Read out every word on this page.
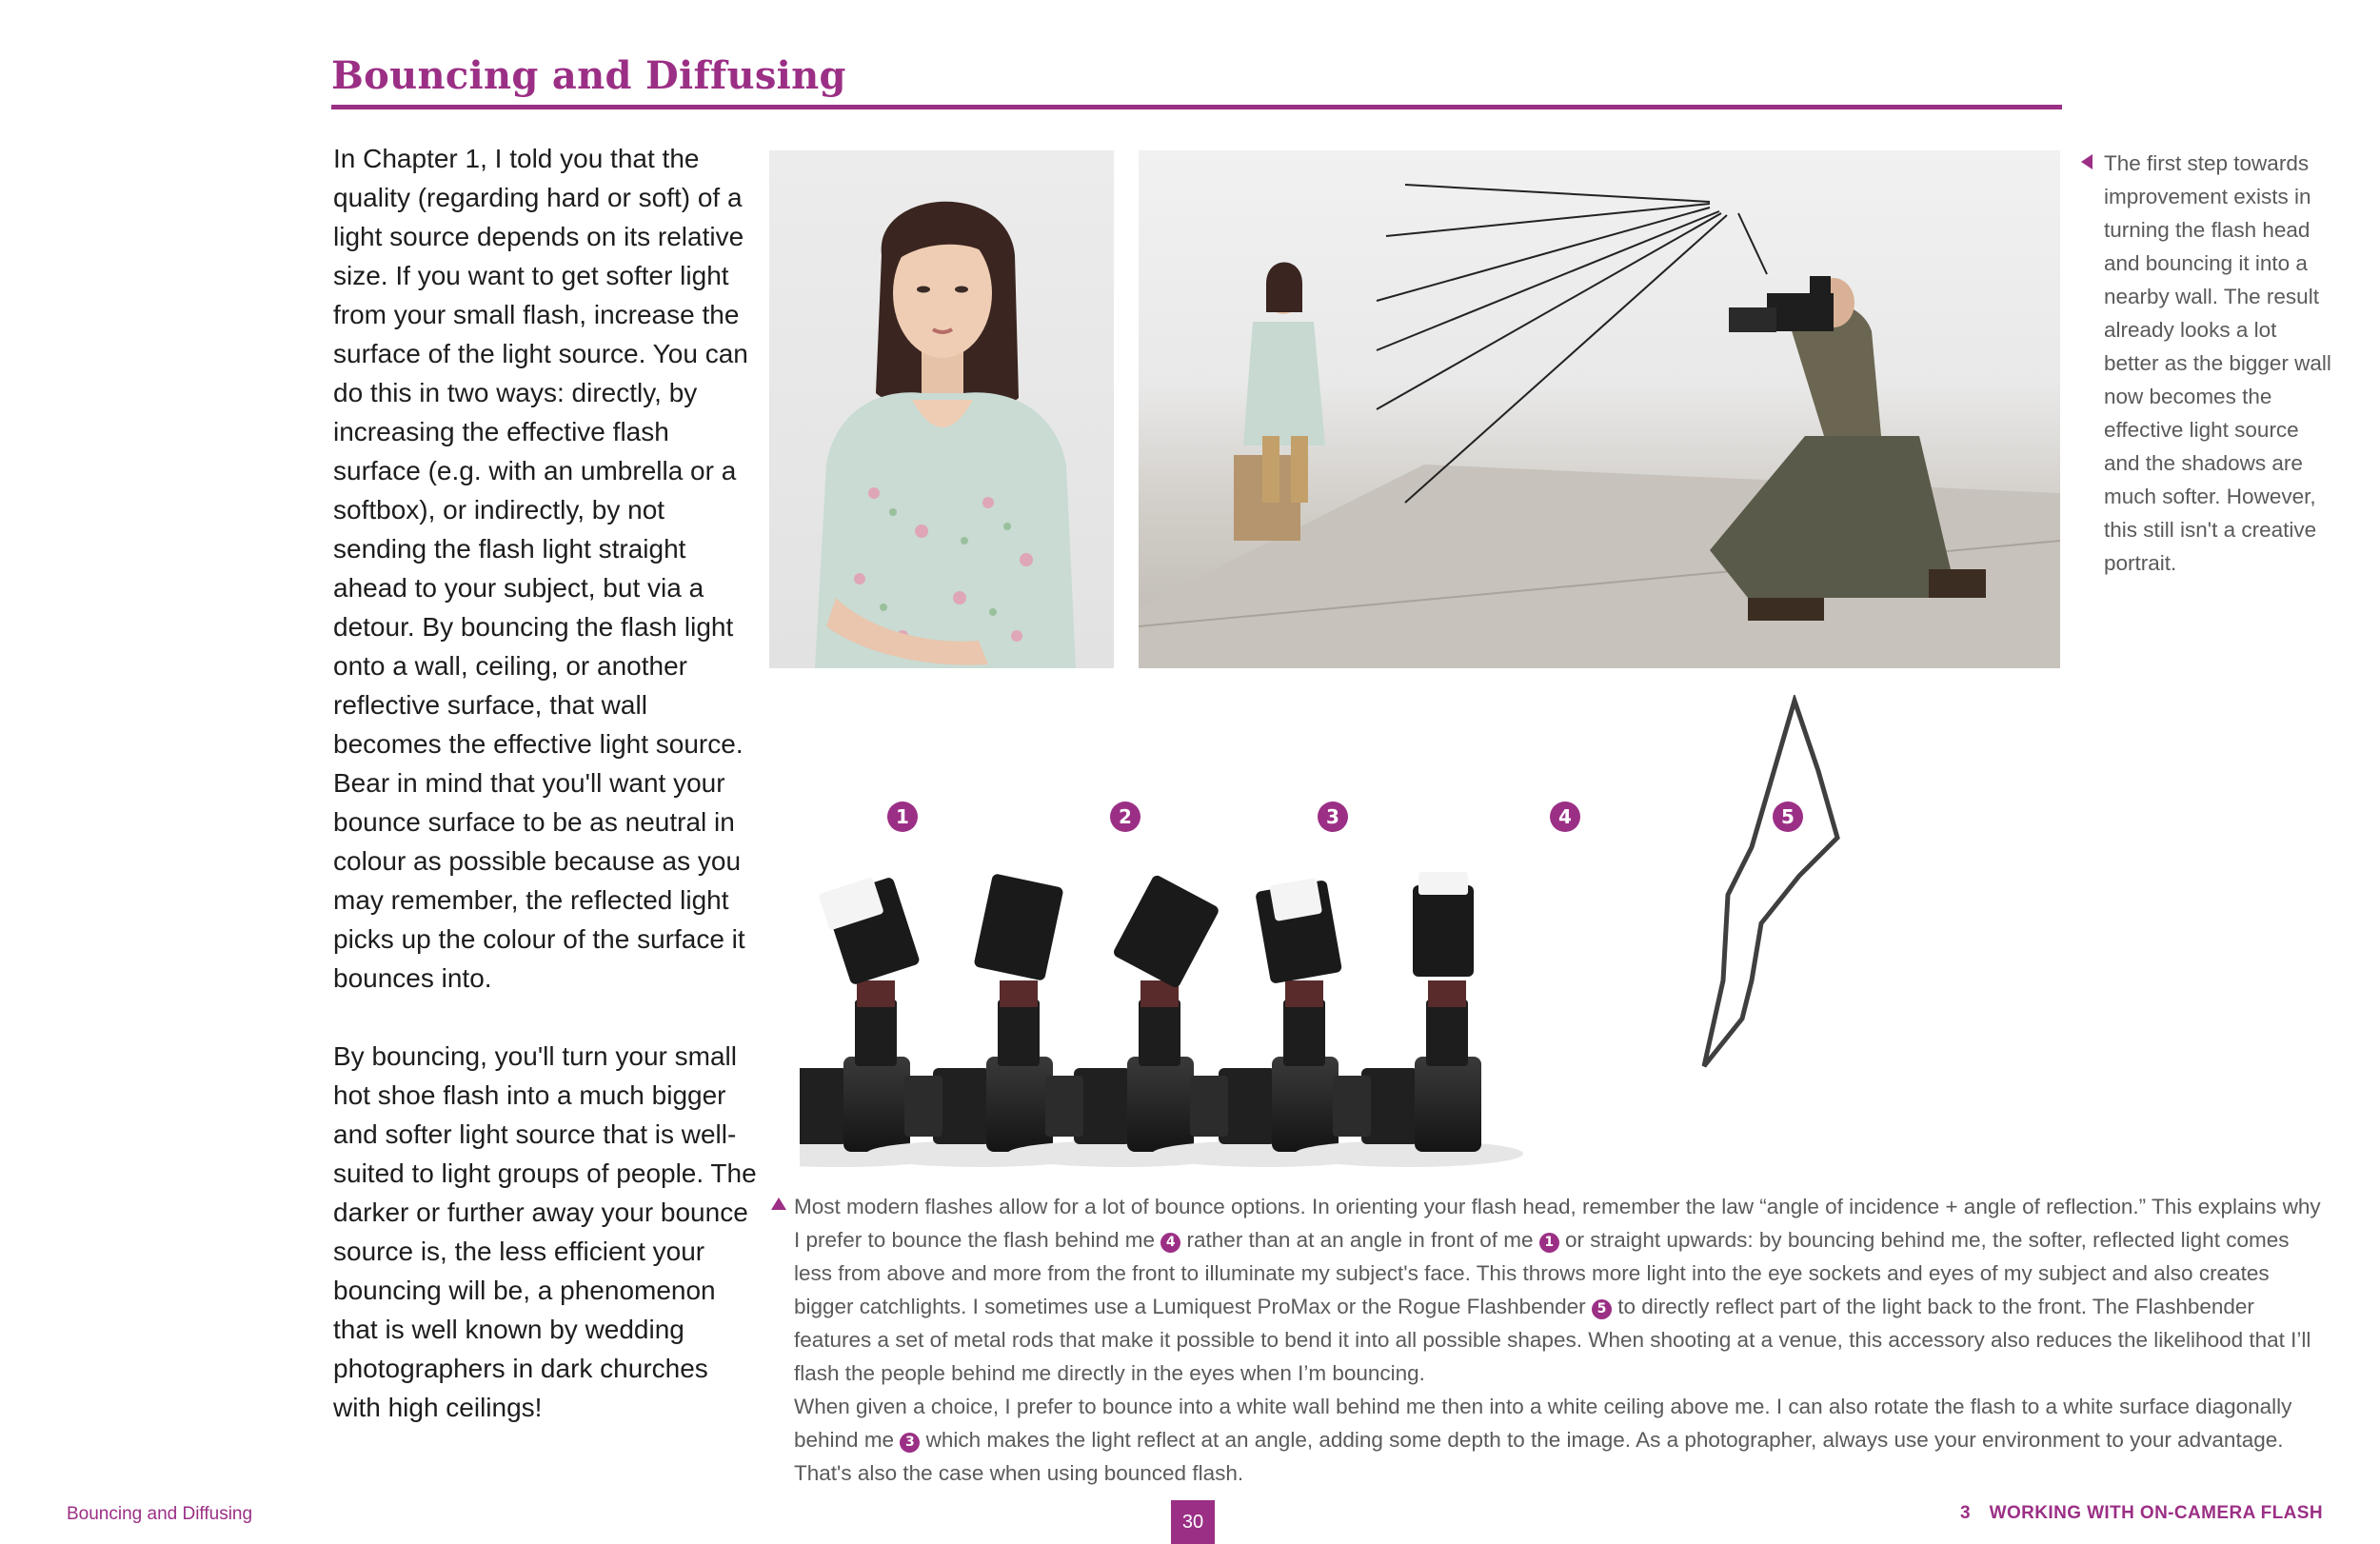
Bouncing and Diffusing

In Chapter 1, I told you that the quality (regarding hard or soft) of a light source depends on its relative size. If you want to get softer light from your small flash, increase the surface of the light source. You can do this in two ways: directly, by increasing the effective flash surface (e.g. with an umbrella or a softbox), or indirectly, by not sending the flash light straight ahead to your subject, but via a detour. By bouncing the flash light onto a wall, ceiling, or another reflective surface, that wall becomes the effective light source. Bear in mind that you'll want your bounce surface to be as neutral in colour as possible because as you may remember, the reflected light picks up the colour of the surface it bounces into.

By bouncing, you'll turn your small hot shoe flash into a much bigger and softer light source that is well-suited to light groups of people. The darker or further away your bounce source is, the less efficient your bouncing will be, a phenomenon that is well known by wedding photographers in dark churches with high ceilings!

1	2	3	4	5
The first step towards improvement exists in turning the flash head and bouncing it into a nearby wall. The result already looks a lot better as the bigger wall now becomes the effective light source and the shadows are much softer. However, this still isn't a creative portrait.

Most modern flashes allow for a lot of bounce options. In orienting your flash head, remember the law “angle of incidence + angle of reflection.” This explains why I prefer to bounce the flash behind me 4 rather than at an angle in front of me 1 or straight upwards: by bouncing behind me, the softer, reflected light comes less from above and more from the front to illuminate my subject's face. This throws more light into the eye sockets and eyes of my subject and also creates bigger catchlights. I sometimes use a Lumiquest ProMax or the Rogue Flashbender 5 to directly reflect part of the light back to the front. The Flashbender features a set of metal rods that make it possible to bend it into all possible shapes. When shooting at a venue, this accessory also reduces the likelihood that I’ll flash the people behind me directly in the eyes when I’m bouncing.

When given a choice, I prefer to bounce into a white wall behind me then into a white ceiling above me. I can also rotate the flash to a white surface diagonally behind me 3 which makes the light reflect at an angle, adding some depth to the image. As a photographer, always use your environment to your advantage. That's also the case when using bounced flash.

Bouncing and Diffusing	30	3 WORKING WITH ON-CAMERA FLASH
